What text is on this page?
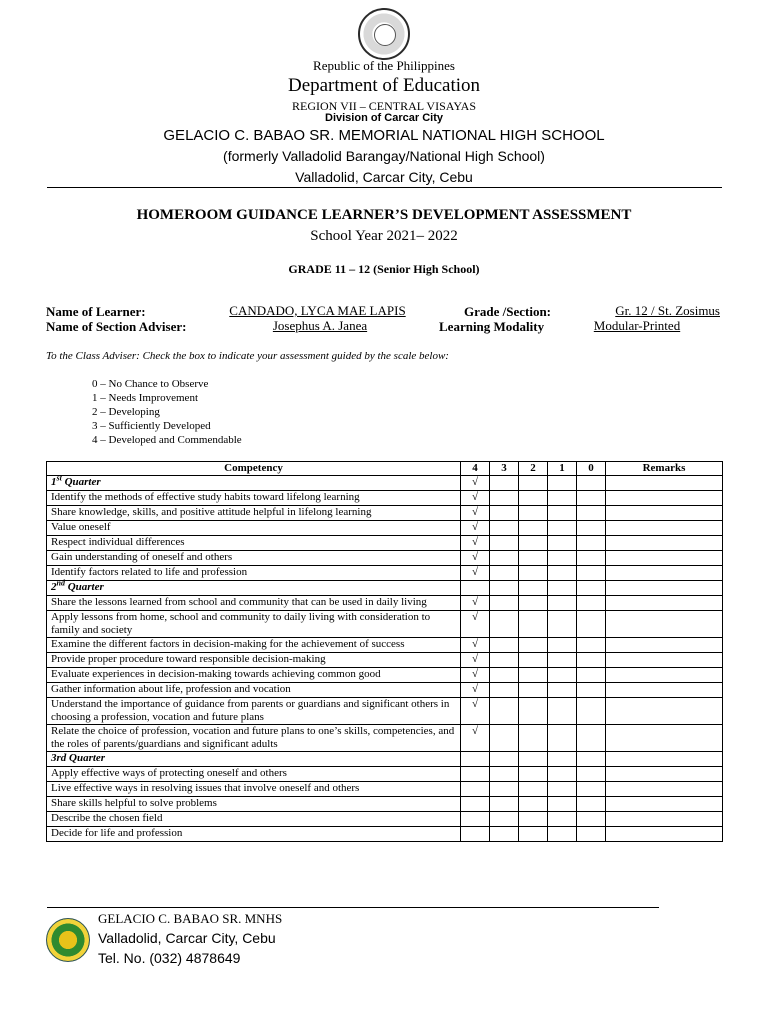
Republic of the Philippines
Department of Education
REGION VII – CENTRAL VISAYAS
Division of Carcar City
GELACIO C. BABAO SR. MEMORIAL NATIONAL HIGH SCHOOL
(formerly Valladolid Barangay/National High School)
Valladolid, Carcar City, Cebu
HOMEROOM GUIDANCE LEARNER’S DEVELOPMENT ASSESSMENT
School Year 2021– 2022
GRADE 11 – 12 (Senior High School)
Name of Learner:	CANDADO, LYCA MAE LAPIS	Grade /Section:	Gr. 12 / St. Zosimus
Name of Section Adviser:	Josephus A. Janea	Learning Modality	Modular-Printed
To the Class Adviser: Check the box to indicate your assessment guided by the scale below:
0 – No Chance to Observe
1 – Needs Improvement
2 – Developing
3 – Sufficiently Developed
4 – Developed and Commendable
Competency	4	3	2	1	0	Remarks
1st Quarter	√					
Identify the methods of effective study habits toward lifelong learning	√					
Share knowledge, skills, and positive attitude helpful in lifelong learning	√					
Value oneself	√					
Respect individual differences	√					
Gain understanding of oneself and others	√					
Identify factors related to life and profession	√					
2nd Quarter						
Share the lessons learned from school and community that can be used in daily living	√					
Apply lessons from home, school and community to daily living with consideration to family and society	√					
Examine the different factors in decision-making for the achievement of success	√					
Provide proper procedure toward responsible decision-making	√					
Evaluate experiences in decision-making towards achieving common good	√					
Gather information about life, profession and vocation	√					
Understand the importance of guidance from parents or guardians and significant others in choosing a profession, vocation and future plans	√					
Relate the choice of profession, vocation and future plans to one’s skills, competencies, and the roles of parents/guardians and significant adults	√					
3rd Quarter						
Apply effective ways of protecting oneself and others						
Live effective ways in resolving issues that involve oneself and others						
Share skills helpful to solve problems						
Describe the chosen field						
Decide for life and profession						
GELACIO C. BABAO SR. MNHS
Valladolid, Carcar City, Cebu
Tel. No. (032) 4878649
